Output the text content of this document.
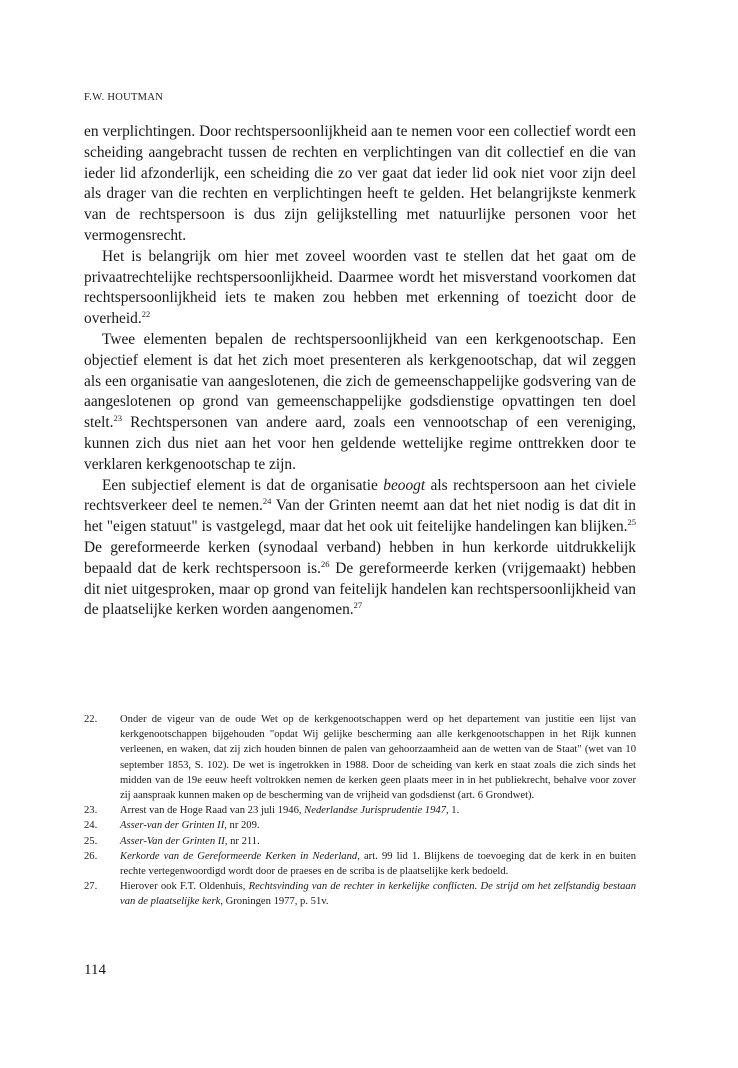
F.W. HOUTMAN

en verplichtingen. Door rechtspersoonlijkheid aan te nemen voor een collectief wordt een scheiding aangebracht tussen de rechten en verplichtingen van dit collectief en die van ieder lid afzonderlijk, een scheiding die zo ver gaat dat ieder lid ook niet voor zijn deel als drager van die rechten en verplichtingen heeft te gelden. Het belangrijkste kenmerk van de rechtspersoon is dus zijn gelijkstelling met natuurlijke personen voor het vermogensrecht.

Het is belangrijk om hier met zoveel woorden vast te stellen dat het gaat om de privaatrechtelijke rechtspersoonlijkheid. Daarmee wordt het misverstand voorkomen dat rechtspersoonlijkheid iets te maken zou hebben met erkenning of toezicht door de overheid.$^{22}$

Twee elementen bepalen de rechtspersoonlijkheid van een kerkgenootschap. Een objectief element is dat het zich moet presenteren als kerkgenootschap, dat wil zeggen als een organisatie van aangeslotenen, die zich de gemeenschappelijke godsvering van de aangeslotenen op grond van gemeenschappelijke godsdienstige opvattingen ten doel stelt.$^{23}$ Rechtspersonen van andere aard, zoals een vennootschap of een vereniging, kunnen zich dus niet aan het voor hen geldende wettelijke regime onttrekken door te verklaren kerkgenootschap te zijn.

Een subjectief element is dat de organisatie beoogt als rechtspersoon aan het civiele rechtsverkeer deel te nemen.$^{24}$ Van der Grinten neemt aan dat het niet nodig is dat dit in het "eigen statuut" is vastgelegd, maar dat het ook uit feitelijke handelingen kan blijken.$^{25}$ De gereformeerde kerken (synodaal verband) hebben in hun kerkorde uitdrukkelijk bepaald dat de kerk rechtspersoon is.$^{26}$ De gereformeerde kerken (vrijgemaakt) hebben dit niet uitgesproken, maar op grond van feitelijk handelen kan rechtspersoonlijkheid van de plaatselijke kerken worden aangenomen.$^{27}$

22.	Onder de vigeur van de oude Wet op de kerkgenootschappen werd op het departement van justitie een lijst van kerkgenootschappen bijgehouden "opdat Wij gelijke bescherming aan alle kerkgenootschappen in het Rijk kunnen verleenen, en waken, dat zij zich houden binnen de palen van gehoorzaamheid aan de wetten van de Staat" (wet van 10 september 1853, S. 102). De wet is ingetrokken in 1988. Door de scheiding van kerk en staat zoals die zich sinds het midden van de 19e eeuw heeft voltrokken nemen de kerken geen plaats meer in in het publiekrecht, behalve voor zover zij aanspraak kunnen maken op de bescherming van de vrijheid van godsdienst (art. 6 Grondwet).
23.	Arrest van de Hoge Raad van 23 juli 1946, Nederlandse Jurisprudentie 1947, 1.
24.	Asser-van der Grinten II, nr 209.
25.	Asser-Van der Grinten II, nr 211.
26.	Kerkorde van de Gereformeerde Kerken in Nederland, art. 99 lid 1. Blijkens de toevoeging dat de kerk in en buiten rechte vertegenwoordigd wordt door de praeses en de scriba is de plaatselijke kerk bedoeld.
27.	Hierover ook F.T. Oldenhuis, Rechtsvinding van de rechter in kerkelijke conflicten. De strijd om het zelfstandig bestaan van de plaatselijke kerk, Groningen 1977, p. 51v.
114
